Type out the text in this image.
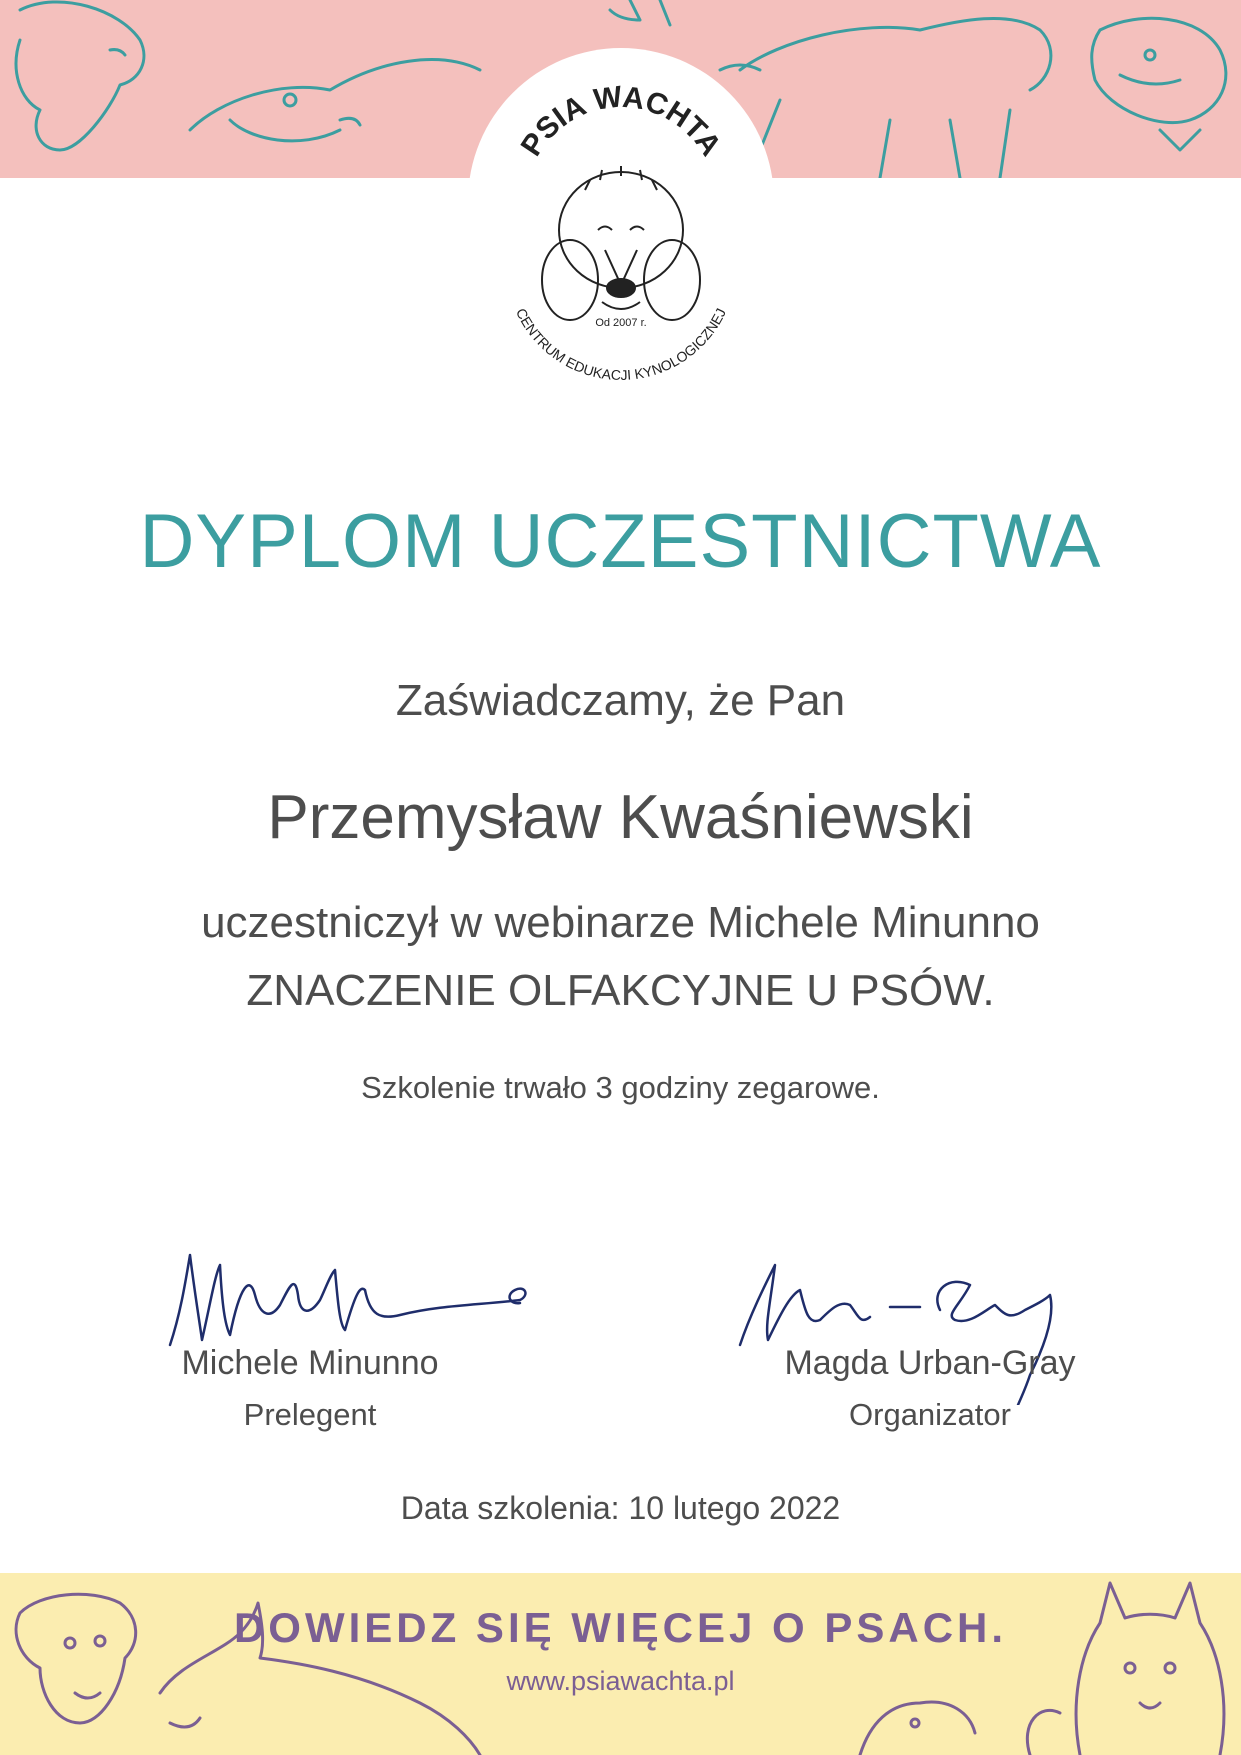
PSIA WACHTA
Od 2007 r.
CENTRUM EDUKACJI KYNOLOGICZNEJ
DYPLOM UCZESTNICTWA
Zaświadczamy, że Pan
Przemysław Kwaśniewski
uczestniczył w webinarze Michele Minunno
ZNACZENIE OLFAKCYJNE U PSÓW.
Szkolenie trwało 3 godziny zegarowe.
Michele Minunno
Prelegent
Magda Urban-Gray
Organizator
Data szkolenia: 10 lutego 2022
DOWIEDZ SIĘ WIĘCEJ O PSACH.
www.psiawachta.pl
